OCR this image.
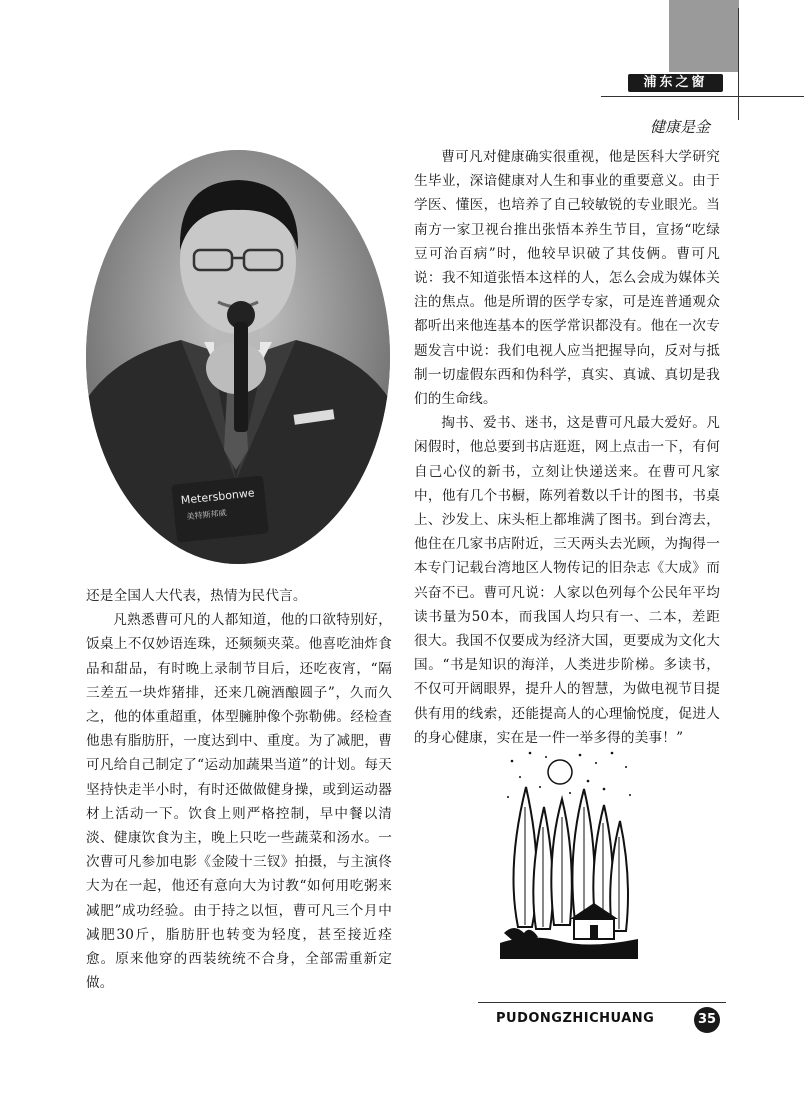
浦东之窗
健康是金
Metersbonwe
美特斯邦威

曹可凡对健康确实很重视，他是医科大学研究生毕业，深谙健康对人生和事业的重要意义。由于学医、懂医，也培养了自己较敏锐的专业眼光。当南方一家卫视台推出张悟本养生节目，宣扬“吃绿豆可治百病”时，他较早识破了其伎俩。曹可凡说：我不知道张悟本这样的人，怎么会成为媒体关注的焦点。他是所谓的医学专家，可是连普通观众都听出来他连基本的医学常识都没有。他在一次专题发言中说：我们电视人应当把握导向，反对与抵制一切虚假东西和伪科学，真实、真诚、真切是我们的生命线。

掏书、爱书、迷书，这是曹可凡最大爱好。凡闲假时，他总要到书店逛逛，网上点击一下，有何自己心仪的新书，立刻让快递送来。在曹可凡家中，他有几个书橱，陈列着数以千计的图书，书桌上、沙发上、床头柜上都堆满了图书。到台湾去，他住在几家书店附近，三天两头去光顾，为掏得一本专门记载台湾地区人物传记的旧杂志《大成》而兴奋不已。曹可凡说：人家以色列每个公民年平均读书量为50本，而我国人均只有一、二本，差距很大。我国不仅要成为经济大国，更要成为文化大国。“书是知识的海洋，人类进步阶梯。多读书，不仅可开阔眼界，提升人的智慧，为做电视节目提供有用的线索，还能提高人的心理愉悦度，促进人的身心健康，实在是一件一举多得的美事！”

还是全国人大代表，热情为民代言。

凡熟悉曹可凡的人都知道，他的口欲特别好，饭桌上不仅妙语连珠，还频频夹菜。他喜吃油炸食品和甜品，有时晚上录制节目后，还吃夜宵，“隔三差五一块炸猪排，还来几碗酒酿圆子”，久而久之，他的体重超重，体型臃肿像个弥勒佛。经检查他患有脂肪肝，一度达到中、重度。为了减肥，曹可凡给自己制定了“运动加蔬果当道”的计划。每天坚持快走半小时，有时还做做健身操，或到运动器材上活动一下。饮食上则严格控制，早中餐以清淡、健康饮食为主，晚上只吃一些蔬菜和汤水。一次曹可凡参加电影《金陵十三钗》拍摄，与主演佟大为在一起，他还有意向大为讨教“如何用吃粥来减肥”成功经验。由于持之以恒，曹可凡三个月中减肥30斤，脂肪肝也转变为轻度，甚至接近痊愈。原来他穿的西装统统不合身，全部需重新定做。

PUDONGZHICHUANG	35
